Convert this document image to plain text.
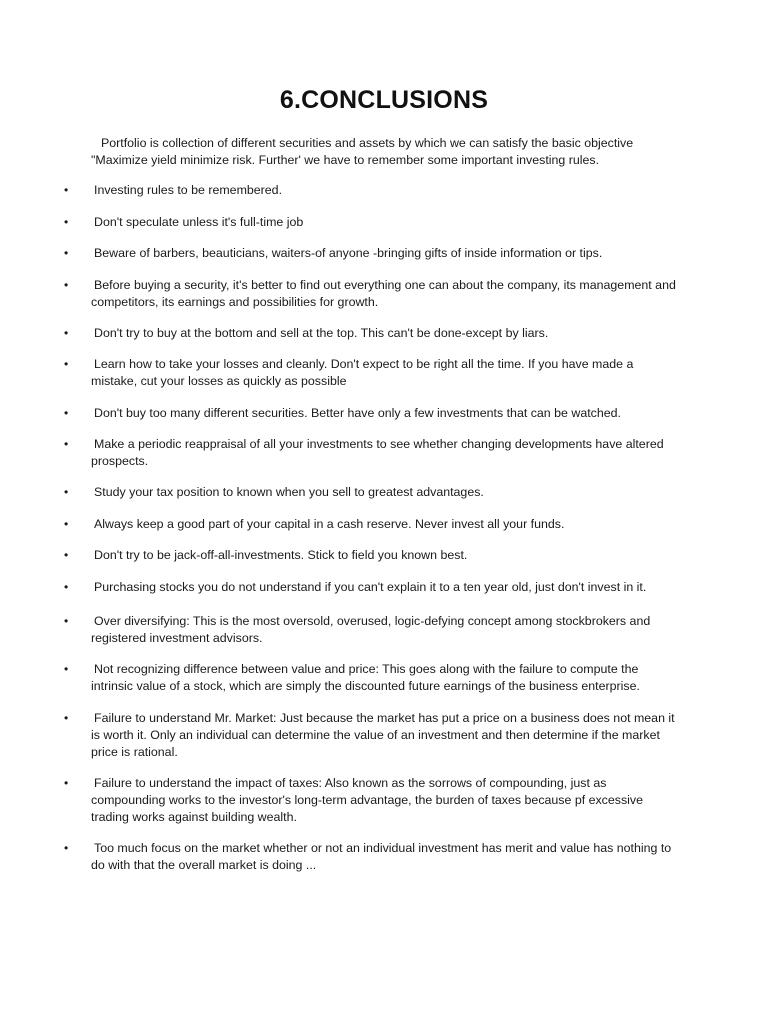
6.CONCLUSIONS
Portfolio is collection of different securities and assets by which we can satisfy the basic objective "Maximize yield minimize risk. Further' we have to remember some important investing rules.
• Investing rules to be remembered.
• Don't speculate unless it's full-time job
• Beware of barbers, beauticians, waiters-of anyone -bringing gifts of inside information or tips.
• Before buying a security, it's better to find out everything one can about the company, its management and competitors, its earnings and possibilities for growth.
• Don't try to buy at the bottom and sell at the top. This can't be done-except by liars.
• Learn how to take your losses and cleanly. Don't expect to be right all the time. If you have made a mistake, cut your losses as quickly as possible
• Don't buy too many different securities. Better have only a few investments that can be watched.
• Make a periodic reappraisal of all your investments to see whether changing developments have altered prospects.
• Study your tax position to known when you sell to greatest advantages.
• Always keep a good part of your capital in a cash reserve. Never invest all your funds.
• Don't try to be jack-off-all-investments. Stick to field you known best.
• Purchasing stocks you do not understand if you can't explain it to a ten year old, just don't invest in it.
• Over diversifying: This is the most oversold, overused, logic-defying concept among stockbrokers and registered investment advisors.
• Not recognizing difference between value and price: This goes along with the failure to compute the intrinsic value of a stock, which are simply the discounted future earnings of the business enterprise.
• Failure to understand Mr. Market: Just because the market has put a price on a business does not mean it is worth it. Only an individual can determine the value of an investment and then determine if the market price is rational.
• Failure to understand the impact of taxes: Also known as the sorrows of compounding, just as compounding works to the investor's long-term advantage, the burden of taxes because pf excessive trading works against building wealth.
• Too much focus on the market whether or not an individual investment has merit and value has nothing to do with that the overall market is doing ...
